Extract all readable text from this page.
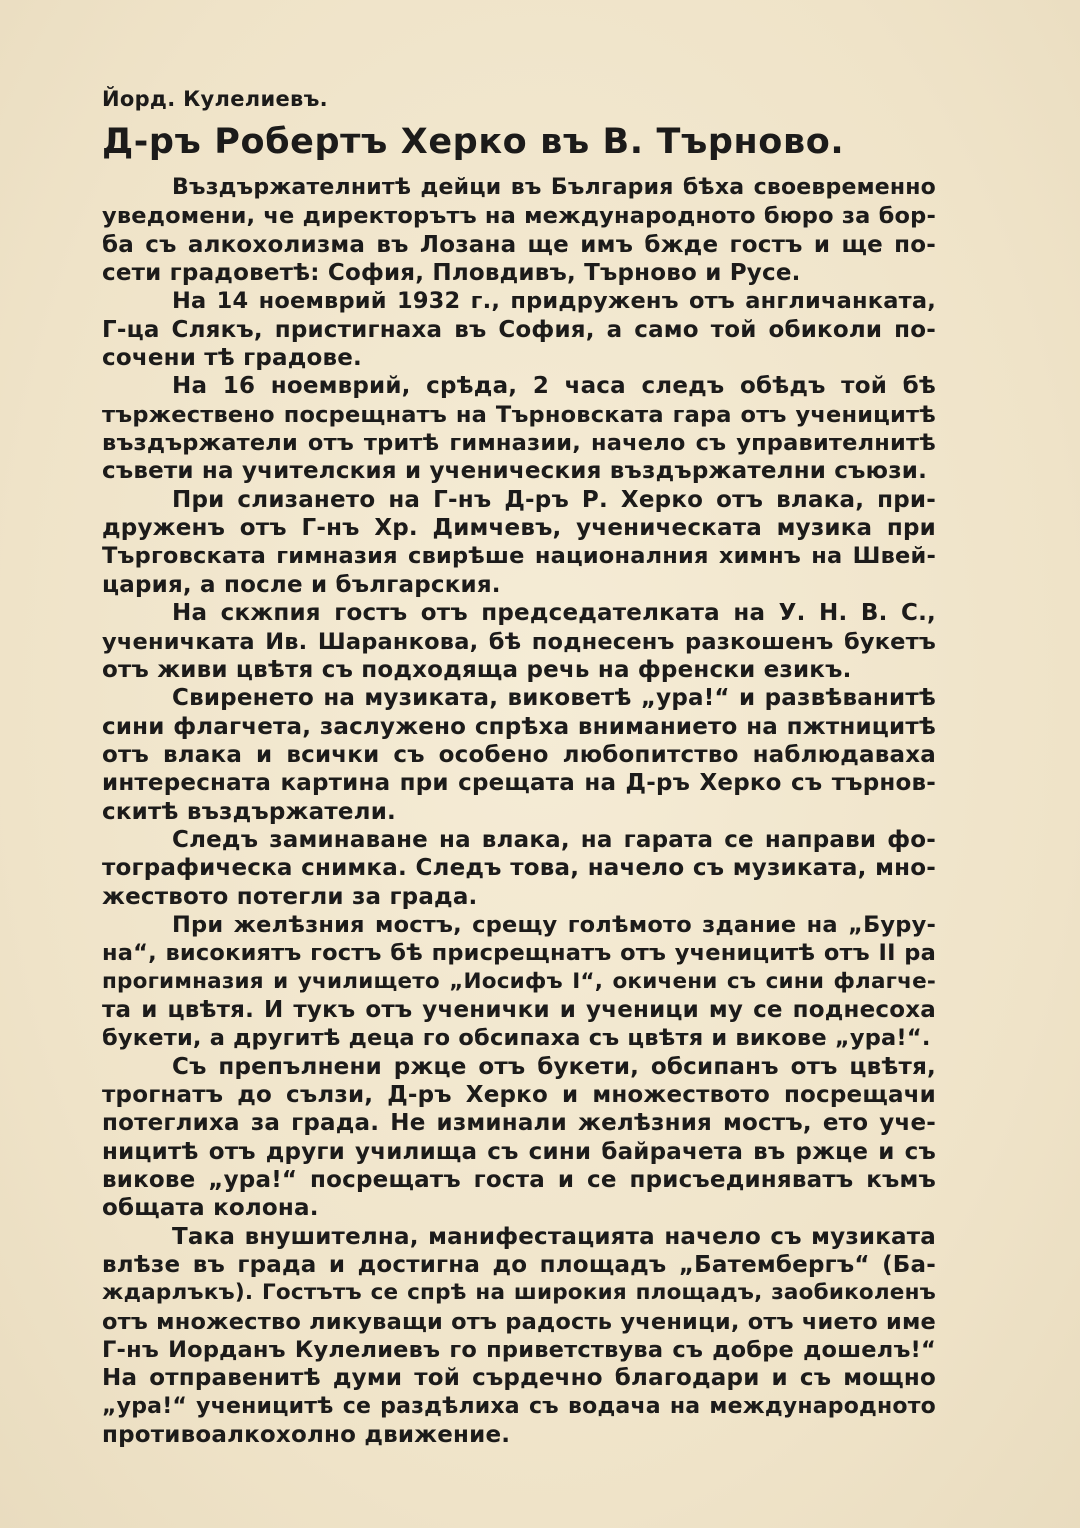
Йорд. Кулелиевъ.
Д-ръ Робертъ Херко въ В. Търново.
Въздържателнитѣ дейци въ България бѣха своевременно
уведомени, че директорътъ на международното бюро за бор-
ба съ алкохолизма въ Лозана ще имъ бжде гостъ и ще по-
сети градоветѣ: София, Пловдивъ, Търново и Русе.
На 14 ноемврий 1932 г., придруженъ отъ англичанката,
Г-ца Слякъ, пристигнаха въ София, а само той обиколи по-
сочени тѣ градове.
На 16 ноемврий, срѣда, 2 часа следъ обѣдъ той бѣ
тържествено посрещнатъ на Търновската гара отъ ученицитѣ
въздържатели отъ тритѣ гимназии, начело съ управителнитѣ
съвети на учителския и ученическия въздържателни съюзи.
При слизането на Г-нъ Д-ръ Р. Херко отъ влака, при-
друженъ отъ Г-нъ Хр. Димчевъ, ученическата музика при
Търговската гимназия свирѣше националния химнъ на Швей-
цария, а после и българския.
На скжпия гостъ отъ председателката на У. Н. В. С.,
ученичката Ив. Шаранкова, бѣ поднесенъ разкошенъ букетъ
отъ живи цвѣтя съ подходяща речь на френски езикъ.
Свиренето на музиката, виковетѣ „ура!“ и развѣванитѣ
сини флагчета, заслужено спрѣха вниманието на пжтницитѣ
отъ влака и всички съ особено любопитство наблюдаваха
интересната картина при срещата на Д-ръ Херко съ търнов-
скитѣ въздържатели.
Следъ заминаване на влака, на гарата се направи фо-
тографическа снимка. Следъ това, начело съ музиката, мно-
жеството потегли за града.
При желѣзния мостъ, срещу голѣмото здание на „Буру-
на“, високиятъ гостъ бѣ присрещнатъ отъ ученицитѣ отъ II ра
прогимназия и училището „Иосифъ I“, окичени съ сини флагче-
та и цвѣтя. И тукъ отъ ученички и ученици му се поднесоха
букети, а другитѣ деца го обсипаха съ цвѣтя и викове „ура!“.
Съ препълнени ржце отъ букети, обсипанъ отъ цвѣтя,
трогнатъ до сълзи, Д-ръ Херко и множеството посрещачи
потеглиха за града. Не изминали желѣзния мостъ, ето уче-
ницитѣ отъ други училища съ сини байрачета въ ржце и съ
викове „ура!“ посрещатъ госта и се присъединяватъ къмъ
общата колона.
Така внушителна, манифестацията начело съ музиката
влѣзе въ града и достигна до площадъ „Батембергъ“ (Ба-
ждарлъкъ). Гостътъ се спрѣ на широкия площадъ, заобиколенъ
отъ множество ликуващи отъ радость ученици, отъ чието име
Г-нъ Иорданъ Кулелиевъ го приветствува съ добре дошелъ!“
На отправенитѣ думи той сърдечно благодари и съ мощно
„ура!“ ученицитѣ се раздѣлиха съ водача на международното
противоалкохолно движение.
